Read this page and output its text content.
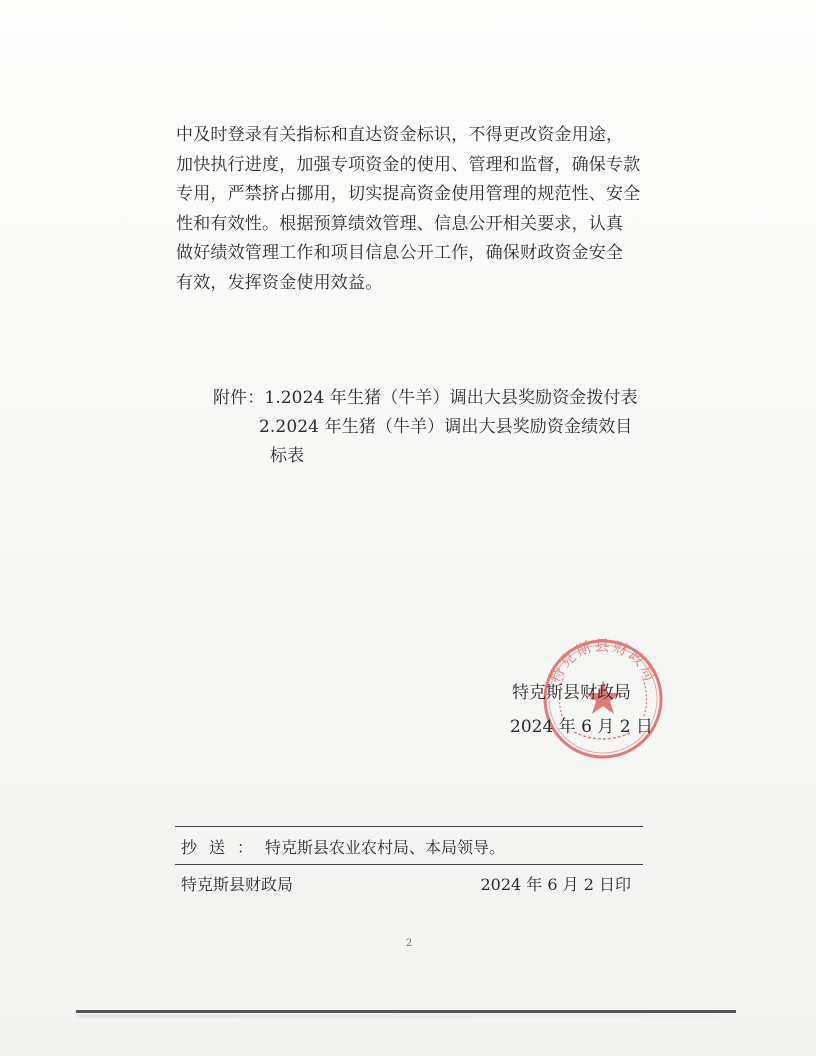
中及时登录有关指标和直达资金标识，不得更改资金用途，
加快执行进度，加强专项资金的使用、管理和监督，确保专款
专用，严禁挤占挪用，切实提高资金使用管理的规范性、安全
性和有效性。根据预算绩效管理、信息公开相关要求，认真
做好绩效管理工作和项目信息公开工作，确保财政资金安全
有效，发挥资金使用效益。
附件：1.2024 年生猪（牛羊）调出大县奖励资金拨付表
2.2024 年生猪（牛羊）调出大县奖励资金绩效目
标表
特克斯县财政局
特克斯县财政局
2024 年 6 月 2 日
抄送：特克斯县农业农村局、本局领导。
特克斯县财政局	2024 年 6 月 2 日印
2
